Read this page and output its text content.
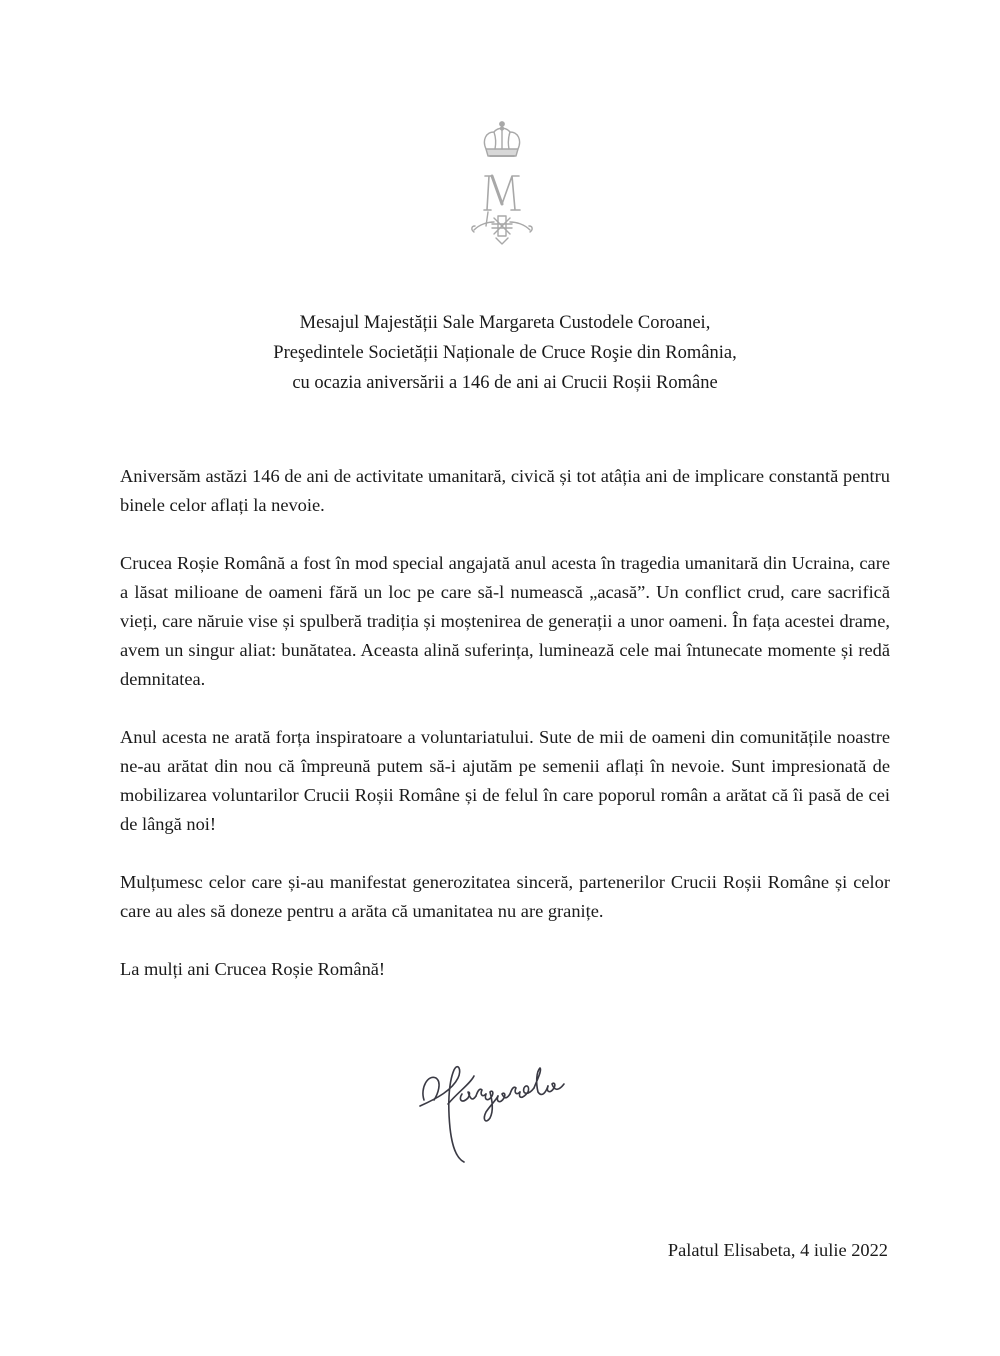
Mesajul Majestății Sale Margareta Custodele Coroanei,
Preşedintele Societății Naționale de Cruce Roşie din România,
cu ocazia aniversării a 146 de ani ai Crucii Roșii Române

Aniversăm astăzi 146 de ani de activitate umanitară, civică și tot atâția ani de implicare constantă pentru binele celor aflați la nevoie.

Crucea Roșie Română a fost în mod special angajată anul acesta în tragedia umanitară din Ucraina, care a lăsat milioane de oameni fără un loc pe care să-l numească „acasă”. Un conflict crud, care sacrifică vieți, care năruie vise și spulberă tradiția și moștenirea de generații a unor oameni. În fața acestei drame, avem un singur aliat: bunătatea. Aceasta alină suferința, luminează cele mai întunecate momente și redă demnitatea.

Anul acesta ne arată forța inspiratoare a voluntariatului. Sute de mii de oameni din comunitățile noastre ne-au arătat din nou că împreună putem să-i ajutăm pe semenii aflați în nevoie. Sunt impresionată de mobilizarea voluntarilor Crucii Roșii Române și de felul în care poporul român a arătat că îi pasă de cei de lângă noi!

Mulțumesc celor care și-au manifestat generozitatea sinceră, partenerilor Crucii Roșii Române și celor care au ales să doneze pentru a arăta că umanitatea nu are granițe.

La mulți ani Crucea Roșie Română!

Palatul Elisabeta, 4 iulie 2022
